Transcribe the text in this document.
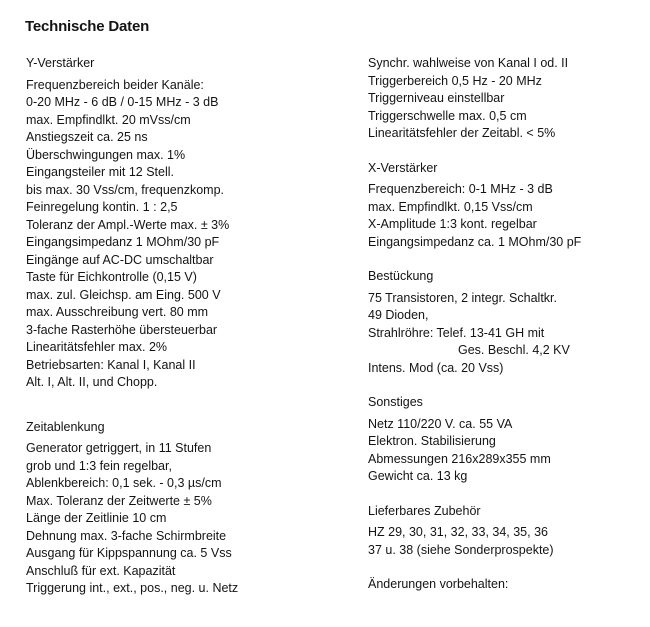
Technische Daten
Y-Verstärker
Frequenzbereich beider Kanäle:
0-20 MHz - 6 dB / 0-15 MHz - 3 dB
max. Empfindlkt. 20 mVss/cm
Anstiegszeit ca. 25 ns
Überschwingungen max. 1%
Eingangsteiler mit 12 Stell.
bis max. 30 Vss/cm, frequenzkomp.
Feinregelung kontin. 1 : 2,5
Toleranz der Ampl.-Werte max. ± 3%
Eingangsimpedanz 1 MOhm/30 pF
Eingänge auf AC-DC umschaltbar
Taste für Eichkontrolle (0,15 V)
max. zul. Gleichsp. am Eing. 500 V
max. Ausschreibung vert. 80 mm
3-fache Rasterhöhe übersteuerbar
Linearitätsfehler max. 2%
Betriebsarten: Kanal I, Kanal II
Alt. I, Alt. II, und Chopp.
Zeitablenkung
Generator getriggert, in 11 Stufen
grob und 1:3 fein regelbar,
Ablenkbereich: 0,1 sek. - 0,3 µs/cm
Max. Toleranz der Zeitwerte ± 5%
Länge der Zeitlinie 10 cm
Dehnung max. 3-fache Schirmbreite
Ausgang für Kippspannung ca. 5 Vss
Anschluß für ext. Kapazität
Triggerung int., ext., pos., neg. u. Netz
Synchr. wahlweise von Kanal I od. II
Triggerbereich 0,5 Hz - 20 MHz
Triggerniveau einstellbar
Triggerschwelle max. 0,5 cm
Linearitätsfehler der Zeitabl. < 5%
X-Verstärker
Frequenzbereich: 0-1 MHz - 3 dB
max. Empfindlkt. 0,15 Vss/cm
X-Amplitude 1:3 kont. regelbar
Eingangsimpedanz ca. 1 MOhm/30 pF
Bestückung
75 Transistoren, 2 integr. Schaltkr.
49 Dioden,
Strahlröhre: Telef. 13-41 GH mit
Ges. Beschl. 4,2 KV
Intens. Mod (ca. 20 Vss)
Sonstiges
Netz 110/220 V. ca. 55 VA
Elektron. Stabilisierung
Abmessungen 216x289x355 mm
Gewicht ca. 13 kg
Lieferbares Zubehör
HZ 29, 30, 31, 32, 33, 34, 35, 36
37 u. 38 (siehe Sonderprospekte)
Änderungen vorbehalten:
